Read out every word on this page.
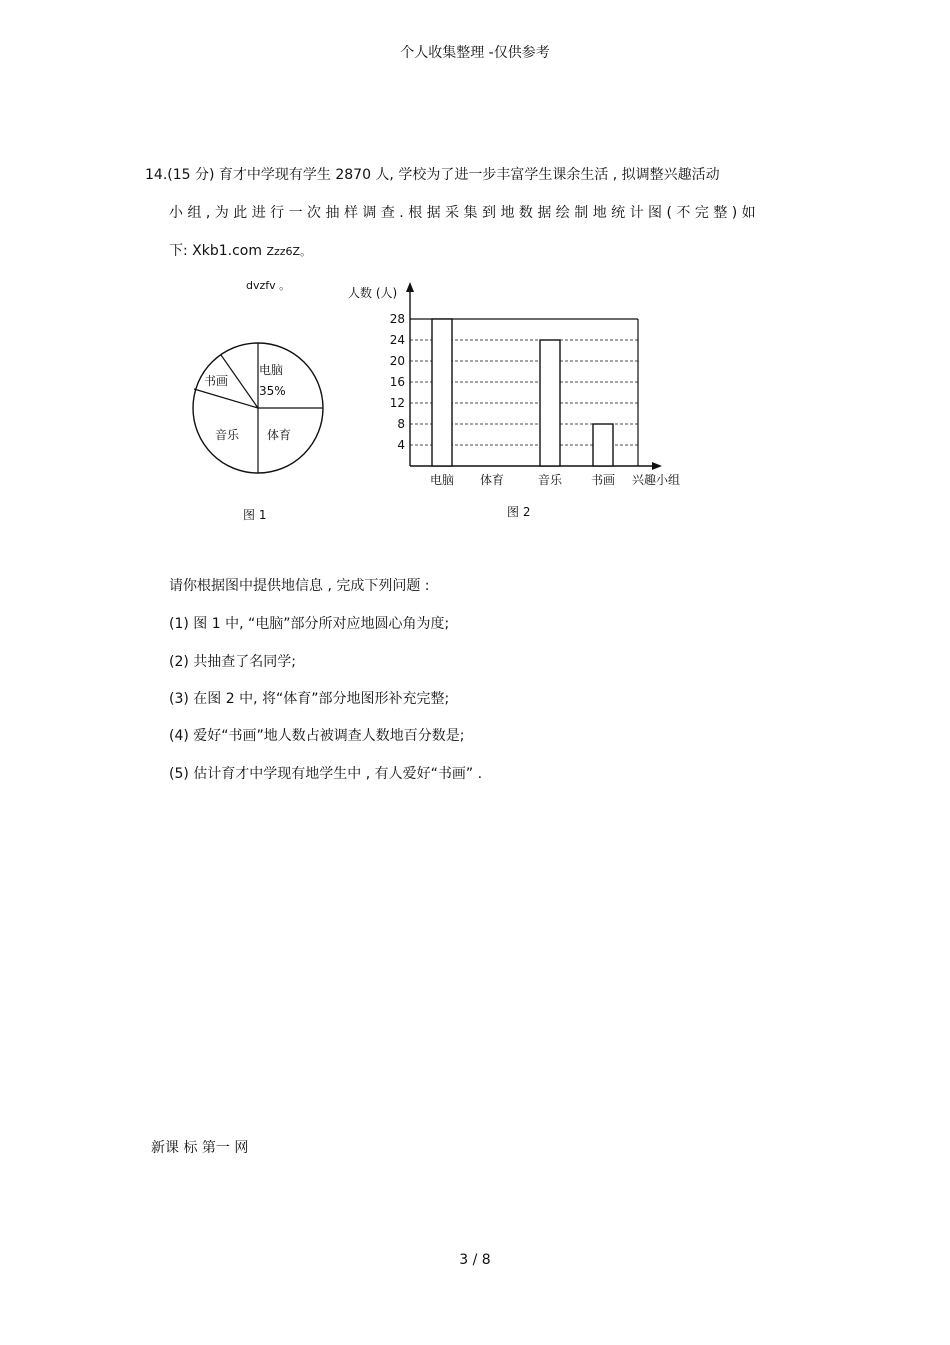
个人收集整理 -仅供参考
14.(15 分) 育才中学现有学生 2870 人, 学校为了进一步丰富学生课余生活 , 拟调整兴趣活动
小 组 , 为 此 进 行 一 次 抽 样 调 查 . 根 据 采 集 到 地 数 据 绘 制 地 统 计 图 ( 不 完 整 ) 如
下: Xkb1.com Zzz6Z。
dvzfv 。
电脑
35%
体育
音乐
书画
图 1
人数 (人)
4
8
12
16
20
24
28
电脑 体育	音乐 书画 兴趣小组
图 2
请你根据图中提供地信息 , 完成下列问题 :
(1) 图 1 中, “电脑”部分所对应地圆心角为度;
(2) 共抽查了名同学;
(3) 在图 2 中, 将“体育”部分地图形补充完整;
(4) 爱好“书画”地人数占被调查人数地百分数是;
(5) 估计育才中学现有地学生中 , 有人爱好“书画” .
新课 标 第一 网
3 / 8
